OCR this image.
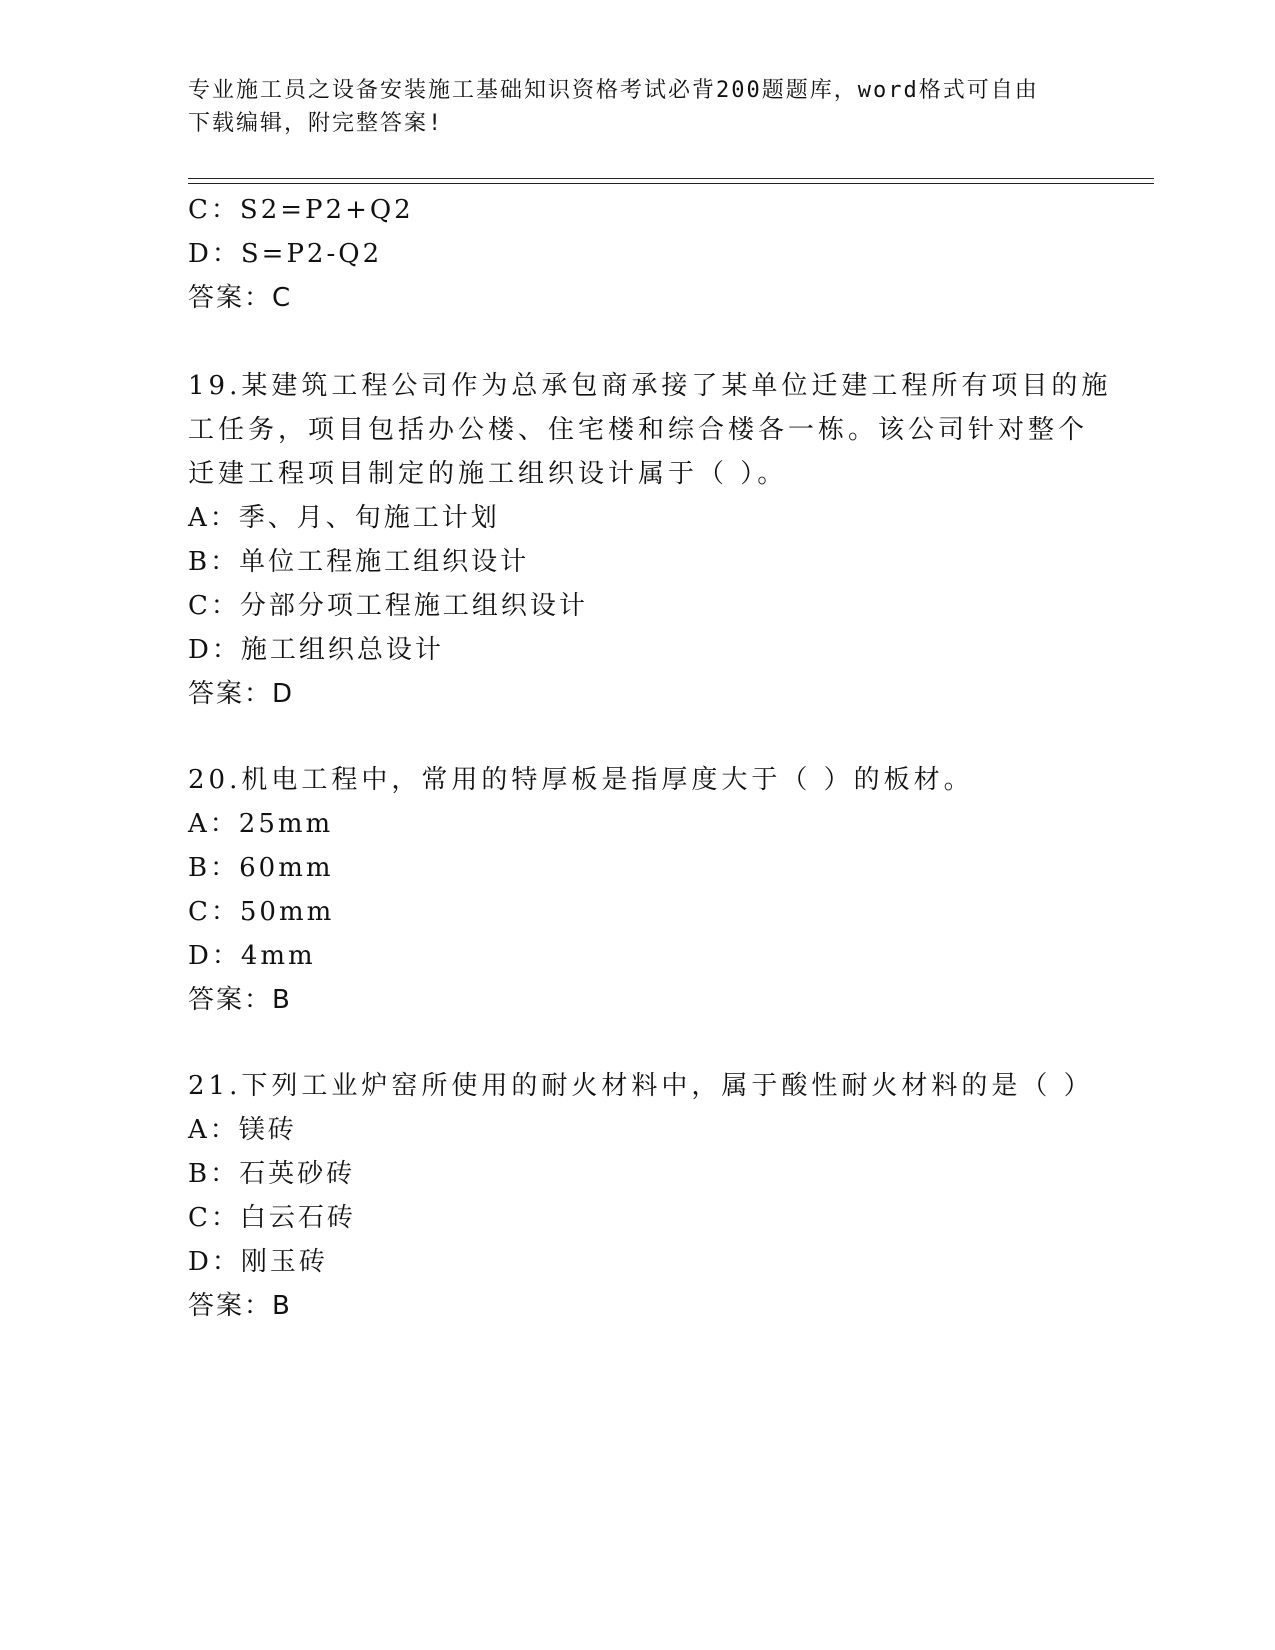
专业施工员之设备安装施工基础知识资格考试必背200题题库，word格式可自由
下载编辑，附完整答案!
C：S2=P2+Q2
D：S=P2-Q2
答案：C
19.某建筑工程公司作为总承包商承接了某单位迁建工程所有项目的施
工任务，项目包括办公楼、住宅楼和综合楼各一栋。该公司针对整个
迁建工程项目制定的施工组织设计属于（ ）。
A：季、月、旬施工计划
B：单位工程施工组织设计
C：分部分项工程施工组织设计
D：施工组织总设计
答案：D
20.机电工程中，常用的特厚板是指厚度大于（ ）的板材。
A：25mm
B：60mm
C：50mm
D：4mm
答案：B
21.下列工业炉窑所使用的耐火材料中，属于酸性耐火材料的是（ ）
A：镁砖
B：石英砂砖
C：白云石砖
D：刚玉砖
答案：B
